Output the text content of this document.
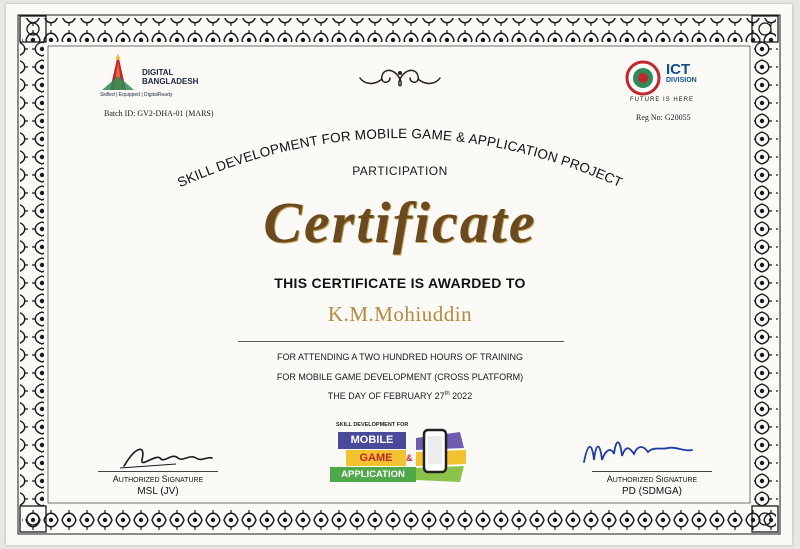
DIGITAL
BANGLADESH
Skilled | Equipped | DigitalReady
Batch ID: GV2-DHA-01 (MARS)
ICT
DIVISION
FUTURE IS HERE
Reg No: G20055
SKILL DEVELOPMENT FOR MOBILE GAME & APPLICATION PROJECT
PARTICIPATION
Certificate
THIS CERTIFICATE IS AWARDED TO
K.M.Mohiuddin
FOR ATTENDING A TWO HUNDRED HOURS OF TRAINING
FOR MOBILE GAME DEVELOPMENT (CROSS PLATFORM)
THE DAY OF FEBRUARY 27th 2022
AUTHORIZED SIGNATURE
MSL (JV)
SKILL DEVELOPMENT FOR
MOBILE
GAME	&
APPLICATION	AUTHORIZED SIGNATURE
PD (SDMGA)
